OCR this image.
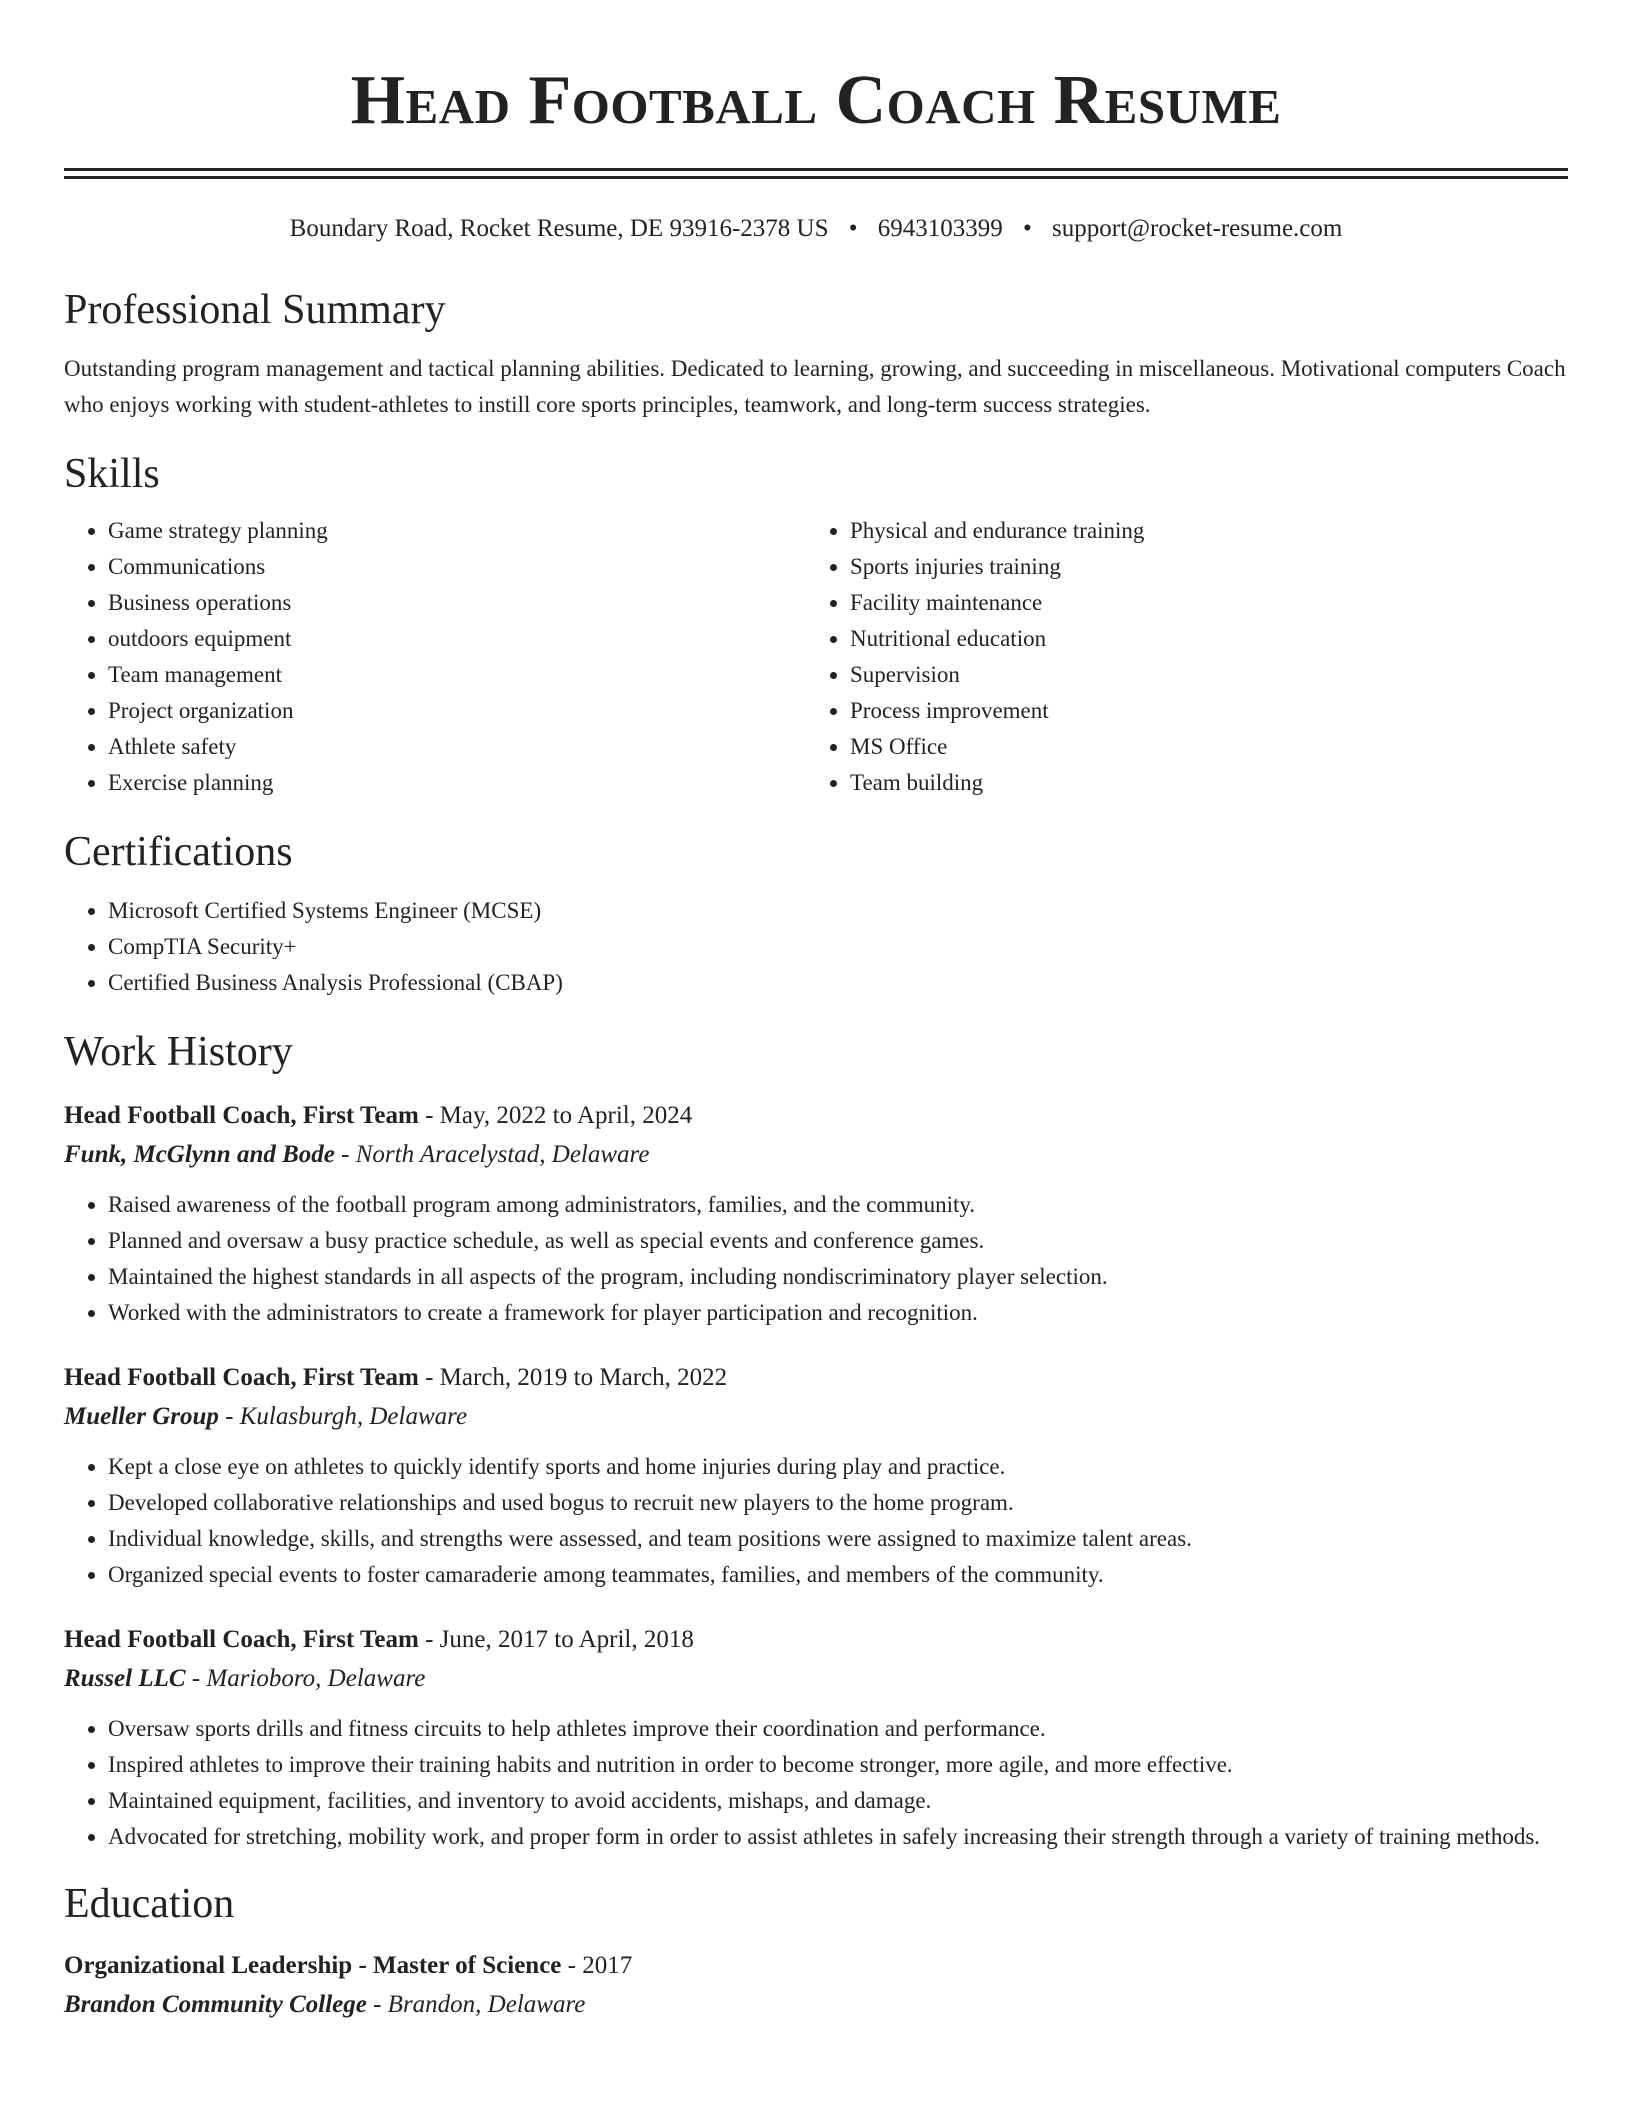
Head Football Coach Resume
Boundary Road, Rocket Resume, DE 93916-2378 US • 6943103399 • support@rocket-resume.com
Professional Summary

Outstanding program management and tactical planning abilities. Dedicated to learning, growing, and succeeding in miscellaneous. Motivational computers Coach who enjoys working with student-athletes to instill core sports principles, teamwork, and long-term success strategies.

Skills
• Game strategy planning
• Communications
• Business operations
• outdoors equipment
• Team management
• Project organization
• Athlete safety
• Exercise planning
• Physical and endurance training
• Sports injuries training
• Facility maintenance
• Nutritional education
• Supervision
• Process improvement
• MS Office
• Team building
Certifications
• Microsoft Certified Systems Engineer (MCSE)
• CompTIA Security+
• Certified Business Analysis Professional (CBAP)
Work History
Head Football Coach, First Team - May, 2022 to April, 2024
Funk, McGlynn and Bode - North Aracelystad, Delaware
• Raised awareness of the football program among administrators, families, and the community.
• Planned and oversaw a busy practice schedule, as well as special events and conference games.
• Maintained the highest standards in all aspects of the program, including nondiscriminatory player selection.
• Worked with the administrators to create a framework for player participation and recognition.
Head Football Coach, First Team - March, 2019 to March, 2022
Mueller Group - Kulasburgh, Delaware
• Kept a close eye on athletes to quickly identify sports and home injuries during play and practice.
• Developed collaborative relationships and used bogus to recruit new players to the home program.
• Individual knowledge, skills, and strengths were assessed, and team positions were assigned to maximize talent areas.
• Organized special events to foster camaraderie among teammates, families, and members of the community.
Head Football Coach, First Team - June, 2017 to April, 2018
Russel LLC - Marioboro, Delaware
• Oversaw sports drills and fitness circuits to help athletes improve their coordination and performance.
• Inspired athletes to improve their training habits and nutrition in order to become stronger, more agile, and more effective.
• Maintained equipment, facilities, and inventory to avoid accidents, mishaps, and damage.
• Advocated for stretching, mobility work, and proper form in order to assist athletes in safely increasing their strength through a variety of training methods.
Education
Organizational Leadership - Master of Science - 2017
Brandon Community College - Brandon, Delaware
